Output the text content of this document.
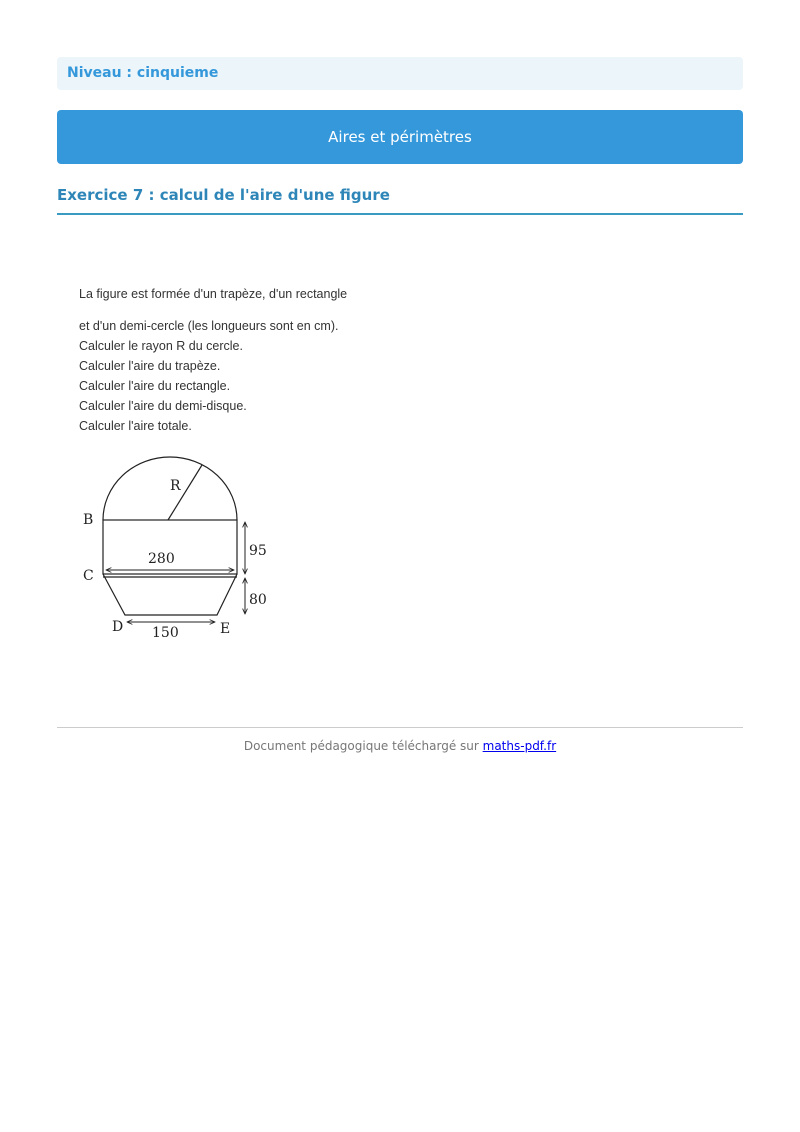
Niveau : cinquieme
Aires et périmètres
Exercice 7 : calcul de l'aire d'une figure
La figure est formée d'un trapèze, d'un rectangle
et d'un demi-cercle (les longueurs sont en cm).
Calculer le rayon R du cercle.
Calculer l'aire du trapèze.
Calculer l'aire du rectangle.
Calculer l'aire du demi-disque.
Calculer l'aire totale.
R
B
C
D	E
280	95
80
150
Document pédagogique téléchargé sur maths-pdf.fr
